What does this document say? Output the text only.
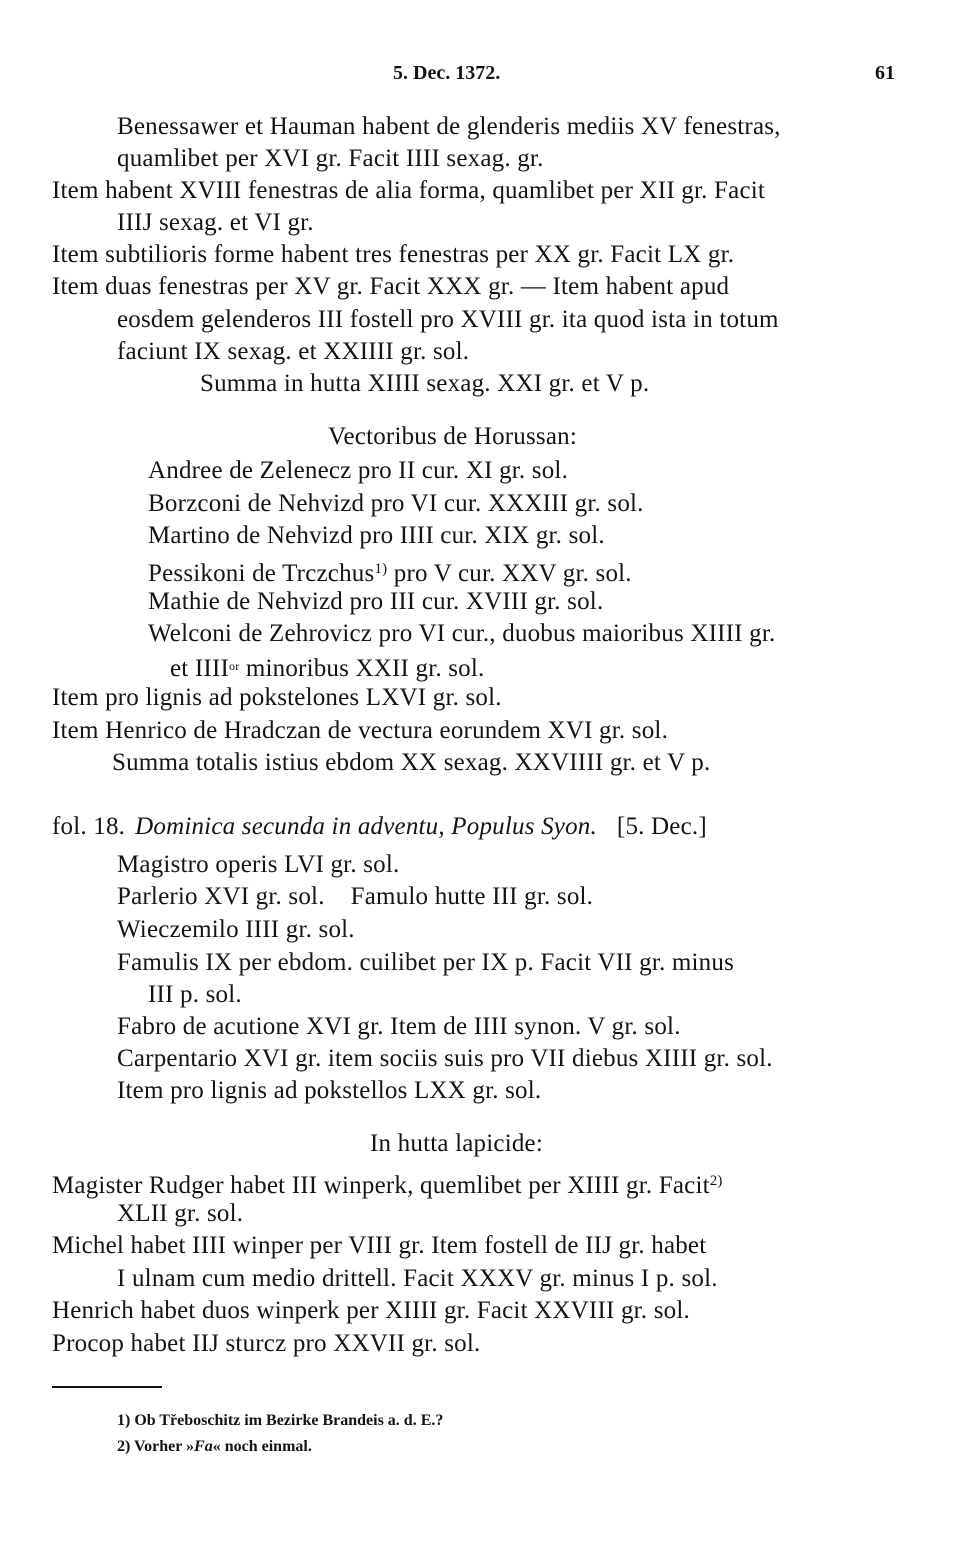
5. Dec. 1372.	61
Benessawer et Hauman habent de glenderis mediis XV fenestras,
quamlibet per XVI gr. Facit IIII sexag. gr.
Item habent XVIII fenestras de alia forma, quamlibet per XII gr. Facit
IIIJ sexag. et VI gr.
Item subtilioris forme habent tres fenestras per XX gr. Facit LX gr.
Item duas fenestras per XV gr. Facit XXX gr. — Item habent apud
eosdem gelenderos III fostell pro XVIII gr. ita quod ista in totum
faciunt IX sexag. et XXIIII gr. sol.
Summa in hutta XIIII sexag. XXI gr. et V p.
Vectoribus de Horussan:
Andree de Zelenecz pro II cur. XI gr. sol.
Borzconi de Nehvizd pro VI cur. XXXIII gr. sol.
Martino de Nehvizd pro IIII cur. XIX gr. sol.
Pessikoni de Trczchus$^{1)}$ pro V cur. XXV gr. sol.
Mathie de Nehvizd pro III cur. XVIII gr. sol.
Welconi de Zehrovicz pro VI cur., duobus maioribus XIIII gr.
et $IIII^{or}$ minoribus XXII gr. sol.
Item pro lignis ad pokstelones LXVI gr. sol.
Item Henrico de Hradczan de vectura eorundem XVI gr. sol.
Summa totalis istius ebdom XX sexag. XXVIIII gr. et V p.
fol. 18. Dominica secunda in adventu, Populus Syon. [5. Dec.]
Magistro operis LVI gr. sol.
Parlerio XVI gr. sol. Famulo hutte III gr. sol.
Wieczemilo IIII gr. sol.
Famulis IX per ebdom. cuilibet per IX p. Facit VII gr. minus
III p. sol.
Fabro de acutione XVI gr. Item de IIII synon. V gr. sol.
Carpentario XVI gr. item sociis suis pro VII diebus XIIII gr. sol.
Item pro lignis ad pokstellos LXX gr. sol.
In hutta lapicide:
Magister Rudger habet III winperk, quemlibet per XIIII gr. Facit$^{2)}$
XLII gr. sol.
Michel habet IIII winper per VIII gr. Item fostell de IIJ gr. habet
I ulnam cum medio drittell. Facit XXXV gr. minus I p. sol.
Henrich habet duos winperk per XIIII gr. Facit XXVIII gr. sol.
Procop habet IIJ sturcz pro XXVII gr. sol.
1) Ob Třeboschitz im Bezirke Brandeis a. d. E.?
2) Vorher »Fa« noch einmal.
